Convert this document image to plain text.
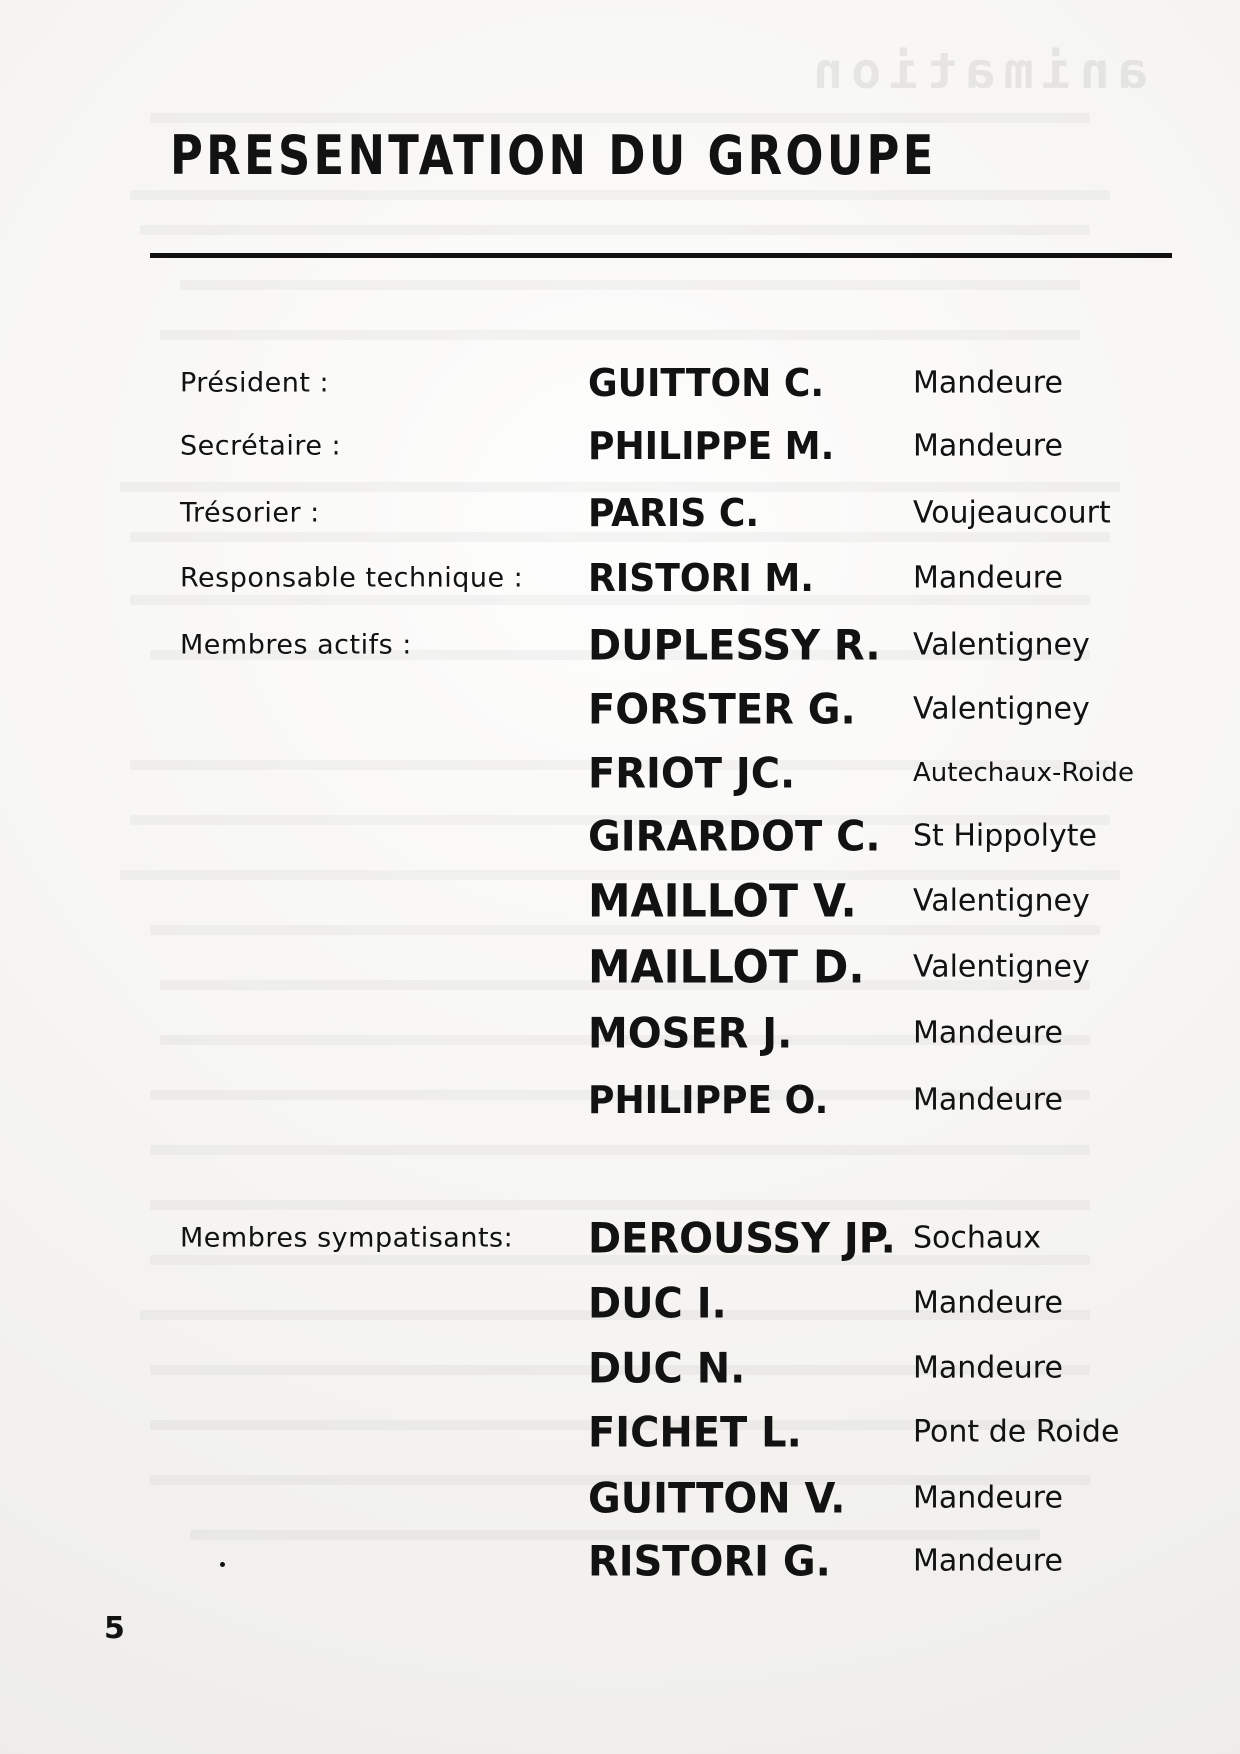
animation
PRESENTATION DU GROUPE
Président :	GUITTON C.	Mandeure
Secrétaire :	PHILIPPE M.	Mandeure
Trésorier :	PARIS C.	Voujeaucourt
Responsable technique : RISTORI M.	Mandeure
Membres actifs :	DUPLESSY R. Valentigney
FORSTER G. Valentigney
FRIOT JC.	Autechaux-Roide
GIRARDOT C. St Hippolyte
MAILLOT V. Valentigney
MAILLOT D. Valentigney
MOSER J.	Mandeure
PHILIPPE O.	Mandeure
Membres sympatisants: DEROUSSY JP. Sochaux
DUC I.	Mandeure
DUC N.	Mandeure
FICHET L.	Pont de Roide
GUITTON V. Mandeure
RISTORI G.	Mandeure
5
